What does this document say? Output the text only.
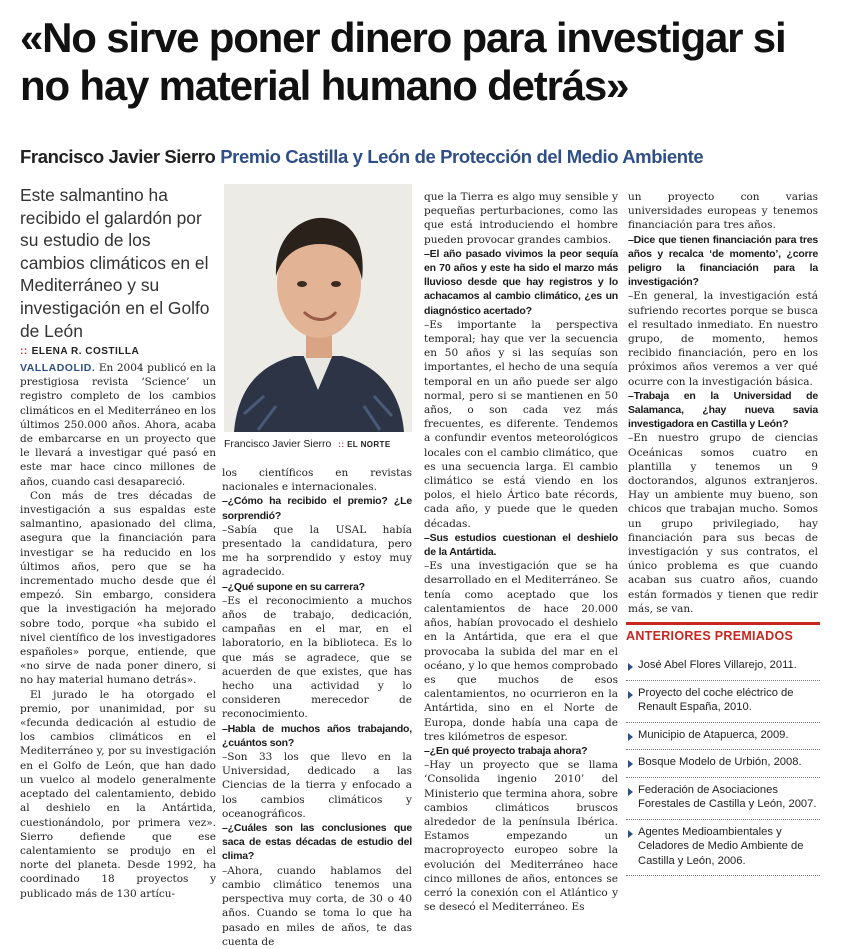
«No sirve poner dinero para investigar si no hay material humano detrás»
Francisco Javier Sierro Premio Castilla y León de Protección del Medio Ambiente
Este salmantino ha recibido el galardón por su estudio de los cambios climáticos en el Mediterráneo y su investigación en el Golfo de León
:: ELENA R. COSTILLA

VALLADOLID. En 2004 publicó en la prestigiosa revista ‘Science’ un registro completo de los cambios climáticos en el Mediterráneo en los últimos 250.000 años. Ahora, acaba de embarcarse en un proyecto que le llevará a investigar qué pasó en este mar hace cinco millones de años, cuando casi desapareció.

Con más de tres décadas de investigación a sus espaldas este salmantino, apasionado del clima, asegura que la financiación para investigar se ha reducido en los últimos años, pero que se ha incrementado mucho desde que él empezó. Sin embargo, considera que la investigación ha mejorado sobre todo, porque «ha subido el nivel científico de los investigadores españoles» porque, entiende, que «no sirve de nada poner dinero, si no hay material humano detrás».

El jurado le ha otorgado el premio, por unanimidad, por su «fecunda dedicación al estudio de los cambios climáticos en el Mediterráneo y, por su investigación en el Golfo de León, que han dado un vuelco al modelo generalmente aceptado del calentamiento, debido al deshielo en la Antártida, cuestionándolo, por primera vez». Sierro defiende que ese calentamiento se produjo en el norte del planeta. Desde 1992, ha coordinado 18 proyectos y publicado más de 130 artícu-

Francisco Javier Sierro :: EL NORTE

los científicos en revistas nacionales e internacionales.

–¿Cómo ha recibido el premio? ¿Le sorprendió?

–Sabía que la USAL había presentado la candidatura, pero me ha sorprendido y estoy muy agradecido.

–¿Qué supone en su carrera?

–Es el reconocimiento a muchos años de trabajo, dedicación, campañas en el mar, en el laboratorio, en la biblioteca. Es lo que más se agradece, que se acuerden de que existes, que has hecho una actividad y lo consideren merecedor de reconocimiento.

–Habla de muchos años trabajando, ¿cuántos son?

–Son 33 los que llevo en la Universidad, dedicado a las Ciencias de la tierra y enfocado a los cambios climáticos y oceanográficos.

–¿Cuáles son las conclusiones que saca de estas décadas de estudio del clima?

–Ahora, cuando hablamos del cambio climático tenemos una perspectiva muy corta, de 30 o 40 años. Cuando se toma lo que ha pasado en miles de años, te das cuenta de

que la Tierra es algo muy sensible y pequeñas perturbaciones, como las que está introduciendo el hombre pueden provocar grandes cambios.

–El año pasado vivimos la peor sequía en 70 años y este ha sido el marzo más lluvioso desde que hay registros y lo achacamos al cambio climático, ¿es un diagnóstico acertado?

–Es importante la perspectiva temporal; hay que ver la secuencia en 50 años y si las sequías son importantes, el hecho de una sequía temporal en un año puede ser algo normal, pero si se mantienen en 50 años, o son cada vez más frecuentes, es diferente. Tendemos a confundir eventos meteorológicos locales con el cambio climático, que es una secuencia larga. El cambio climático se está viendo en los polos, el hielo Ártico bate récords, cada año, y puede que le queden décadas.

–Sus estudios cuestionan el deshielo de la Antártida.

–Es una investigación que se ha desarrollado en el Mediterráneo. Se tenía como aceptado que los calentamientos de hace 20.000 años, habían provocado el deshielo en la Antártida, que era el que provocaba la subida del mar en el océano, y lo que hemos comprobado es que muchos de esos calentamientos, no ocurrieron en la Antártida, sino en el Norte de Europa, donde había una capa de tres kilómetros de espesor.

–¿En qué proyecto trabaja ahora?

–Hay un proyecto que se llama ‘Consolida ingenio 2010’ del Ministerio que termina ahora, sobre cambios climáticos bruscos alrededor de la península Ibérica. Estamos empezando un macroproyecto europeo sobre la evolución del Mediterráneo hace cinco millones de años, entonces se cerró la conexión con el Atlántico y se desecó el Mediterráneo. Es

un proyecto con varias universidades europeas y tenemos financiación para tres años.

–Dice que tienen financiación para tres años y recalca ‘de momento’, ¿corre peligro la financiación para la investigación?

–En general, la investigación está sufriendo recortes porque se busca el resultado inmediato. En nuestro grupo, de momento, hemos recibido financiación, pero en los próximos años veremos a ver qué ocurre con la investigación básica.

–Trabaja en la Universidad de Salamanca, ¿hay nueva savia investigadora en Castilla y León?

–En nuestro grupo de ciencias Oceánicas somos cuatro en plantilla y tenemos un 9 doctorandos, algunos extranjeros. Hay un ambiente muy bueno, son chicos que trabajan mucho. Somos un grupo privilegiado, hay financiación para sus becas de investigación y sus contratos, el único problema es que cuando acaban sus cuatro años, cuando están formados y tienen que redir más, se van.

ANTERIORES PREMIADOS
José Abel Flores Villarejo, 2011.
Proyecto del coche eléctrico de Renault España, 2010.
Municipio de Atapuerca, 2009.
Bosque Modelo de Urbión, 2008.
Federación de Asociaciones Forestales de Castilla y León, 2007.
Agentes Medioambientales y Celadores de Medio Ambiente de Castilla y León, 2006.
